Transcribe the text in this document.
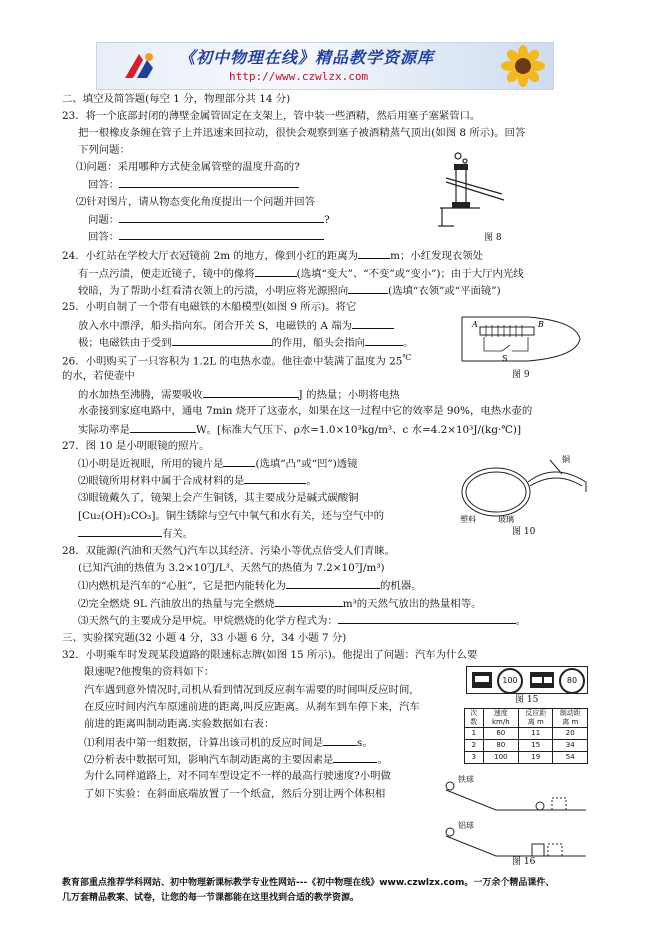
《初中物理在线》精品教学资源库
http://www.czwlzx.com
二、填空及简答题(每空 1 分，物理部分共 14 分)
23．将一个底部封闭的薄壁金属管固定在支架上，管中装一些酒精，然后用塞子塞紧管口。
把一根橡皮条缠在管子上并迅速来回拉动，很快会观察到塞子被酒精蒸气顶出(如图 8 所示)。回答
下列问题：
⑴问题：采用哪种方式使金属管壁的温度升高的?
回答：
⑵针对图片，请从物态变化角度提出一个问题并回答
问题：	?
回答：	图 8
24．小红站在学校大厅衣冠镜前 2m 的地方，像到小红的距离为	m；小红发现衣领处
有一点污渍，便走近镜子，镜中的像将	(选填“变大”、“不变”或“变小”)；由于大厅内光线
较暗，为了帮助小红看清衣领上的污渍，小明应将光源照向	(选填“衣领”或“平面镜”)
25．小明自制了一个带有电磁铁的木船模型(如图 9 所示)。将它
放入水中漂浮，船头指向东。闭合开关 S，电磁铁的 A 端为
极；电磁铁由于受到	的作用，船头会指向	。
A	B
S
图 9
26．小明购买了一只容积为 1.2L 的电热水壶。他往壶中装满了温度为 25℃
的水，若使壶中
的水加热至沸腾，需要吸收	J 的热量；小明将电热
水壶接到家庭电路中，通电 7min 烧开了这壶水，如果在这一过程中它的效率是 90%，电热水壶的
实际功率是	W。[标准大气压下、ρ水=1.0×10³kg/m³、c 水=4.2×10³J/(kg·℃)]
27．图 10 是小明眼镜的照片。
⑴小明是近视眼，所用的镜片是	(选填“凸”或“凹”)透镜
⑵眼镜所用材料中属于合成材料的是	。
⑶眼镜戴久了，镜架上会产生铜锈，其主要成分是碱式碳酸铜
[Cu₂(OH)₂CO₃]。铜生锈除与空气中氧气和水有关，还与空气中的
有关。
铜
塑料	玻璃
图 10
28．双能源(汽油和天然气)汽车以其经济、污染小等优点倍受人们青睐。
(已知汽油的热值为 3.2×10⁷J/L³、天然气的热值为 7.2×10⁷J/m³)
⑴内燃机是汽车的“心脏”，它是把内能转化为	的机器。
⑵完全燃烧 9L 汽油放出的热量与完全燃烧	m³的天然气放出的热量相等。
⑶天然气的主要成分是甲烷。甲烷燃烧的化学方程式为：	。
三、实验探究题(32 小题 4 分，33 小题 6 分，34 小题 7 分)
32．小明乘车时发现某段道路的限速标志牌(如图 15 所示)。他提出了问题：汽车为什么要
限速呢?他搜集的资料如下：
汽车遇到意外情况时,司机从看到情况到反应刹车需要的时间叫反应时间,
在反应时间内汽车原速前进的距离,叫反应距离。从刹车到车停下来，汽车
前进的距离叫制动距离.实验数据如右表：
⑴利用表中第一组数据，计算出该司机的反应时间是	s。
⑵分析表中数据可知，影响汽车制动距离的主要因素是	。
为什么同样道路上，对不同车型设定不一样的最高行驶速度?小明做
了如下实验：在斜面底端放置了一个纸盒，然后分别让两个体积相
100	80
图 15
次数	速度 km/h	反应距离 m	制动距离 m
1	60	11	20
2	80	15	34
3	100	19	54
铁球
铝球
图 16
教育部重点推荐学科网站、初中物理新课标教学专业性网站---《初中物理在线》www.czwlzx.com。一万余个精品课件、
几万套精品教案、试卷，让您的每一节课都能在这里找到合适的教学资源。
